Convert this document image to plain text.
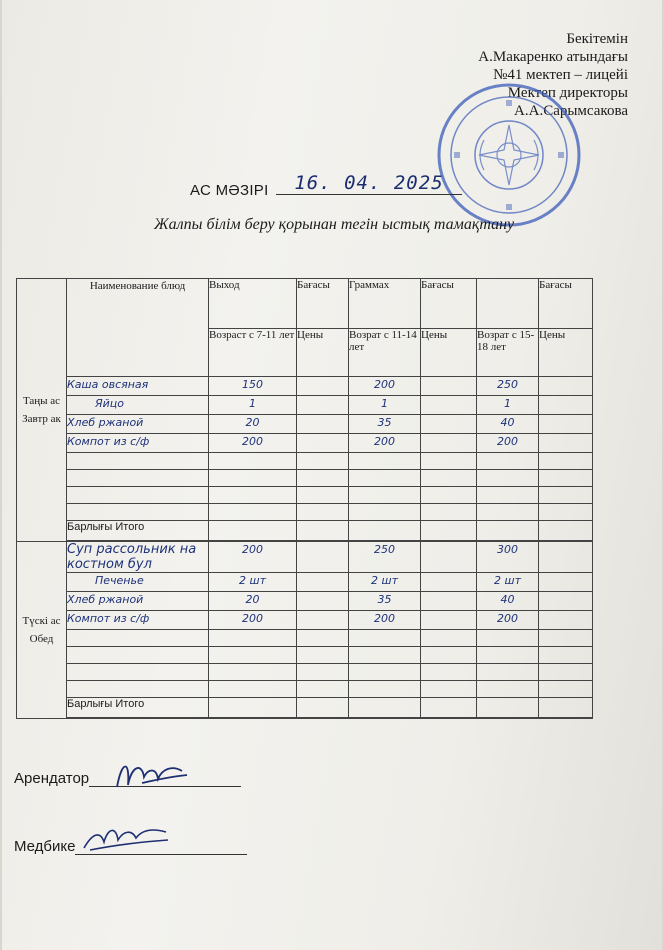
Бекітемін
А.Макаренко атындағы
№41 мектеп – лицейі
Мектеп директоры
А.А.Сарымсакова
АС МӘЗІРІ	16. 04. 2025
Жалпы білім беру қорынан тегін ыстық тамақтану
Таңы ас Завтр ак	Наименование блюд	Выход	Бағасы	Граммах	Бағасы		Бағасы
		Возраст с 7-11 лет	Цены	Возрат с 11-14 лет	Цены	Возрат с 15-18 лет	Цены
	Каша овсяная	150		200		250	
	Яйцо	1		1		1	
	Хлеб ржаной	20		35		40	
	Компот из с/ф	200		200		200	

	Барлығы Итого						

Түскі ас Обед	Суп рассольник на костном бул	200		250		300	
	Печенье	2 шт		2 шт		2 шт	
	Хлеб ржаной	20		35		40	
	Компот из с/ф	200		200		200	

	Барлығы Итого						

Арендатор
Медбике
